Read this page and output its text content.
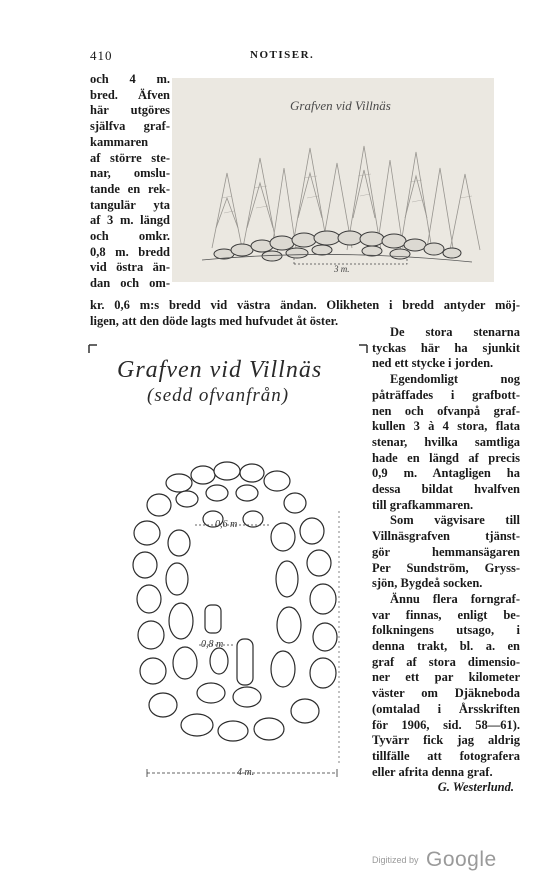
410	NOTISER.
och 4 m.
bred. Äfven
här utgöres
själfva graf-
kammaren
af större ste-
nar, omslu-
tande en rek-
tangulär yta
af 3 m. längd
och omkr.
0,8 m. bredd
vid östra än-
dan och om-
Grafven vid Villnäs
3 m.
kr. 0,6 m:s bredd vid västra ändan. Olikheten i bredd antyder möj-
ligen, att den döde lagts med hufvudet åt öster.
Grafven vid Villnäs
(sedd ofvanfrån)
0,6 m
0,8 m
4 m.
De stora stenarna
tyckas här ha sjunkit
ned ett stycke i jorden.
Egendomligt nog
påträffades i grafbott-
nen och ofvanpå graf-
kullen 3 à 4 stora, flata
stenar, hvilka samtliga
hade en längd af precis
0,9 m. Antagligen ha
dessa bildat hvalfven
till grafkammaren.
Som vägvisare till
Villnäsgrafven tjänst-
gör hemmansägaren
Per Sundström, Gryss-
sjön, Bygdeå socken.
Ännu flera forngraf-
var finnas, enligt be-
folkningens utsago, i
denna trakt, bl. a. en
graf af stora dimensio-
ner ett par kilometer
väster om Djäkneboda
(omtalad i Årsskriften
för 1906, sid. 58—61).
Tyvärr fick jag aldrig
tillfälle att fotografera
eller afrita denna graf.
G. Westerlund.
Digitized by Google
